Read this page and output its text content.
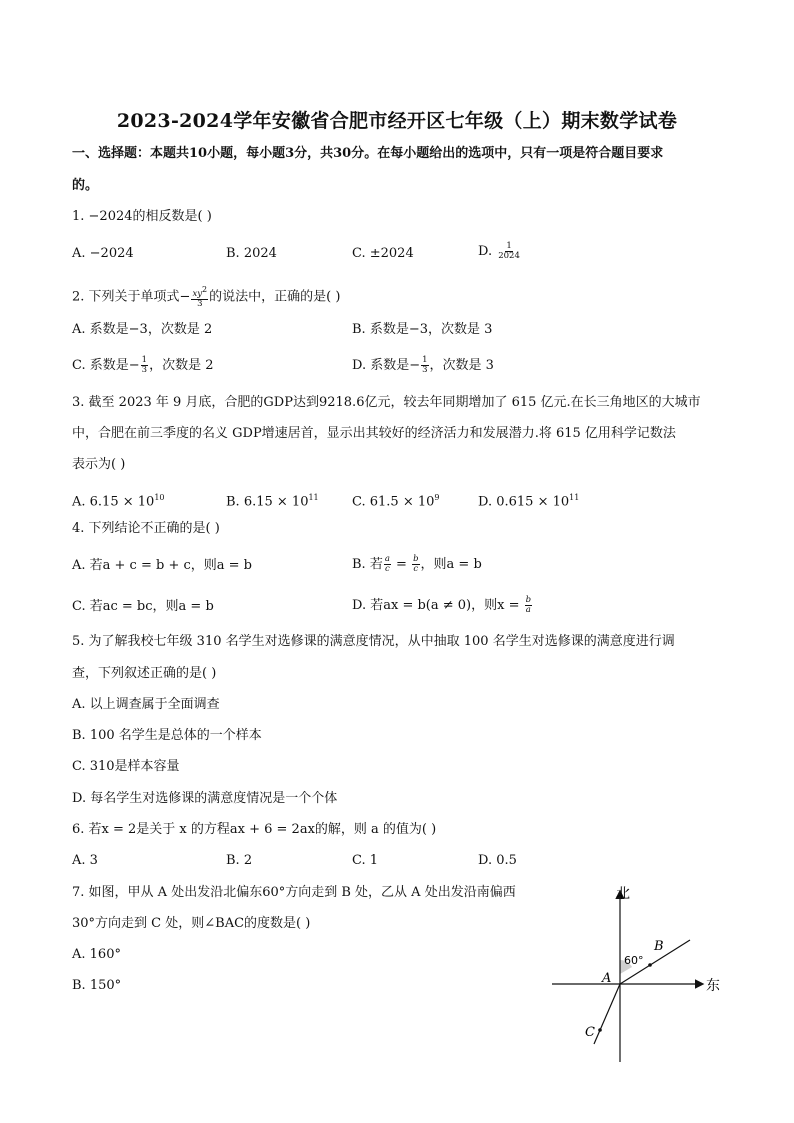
2023-2024学年安徽省合肥市经开区七年级（上）期末数学试卷
一、选择题：本题共10小题，每小题3分，共30分。在每小题给出的选项中，只有一项是符合题目要求
的。
1. −2024的相反数是( )
A. −2024	B. 2024	C. ±2024	D. $\frac{1}{2024}$
2. 下列关于单项式− $\frac{xy^2}{3}$ 的说法中，正确的是( )
A. 系数是−3，次数是 2	B. 系数是−3，次数是 3
C. 系数是− $\frac{1}{3}$ ，次数是 2	D. 系数是− $\frac{1}{3}$ ，次数是 3
3. 截至 2023 年 9 月底，合肥的GDP达到9218.6亿元，较去年同期增加了 615 亿元.在长三角地区的大城市
中，合肥在前三季度的名义 GDP增速居首，显示出其较好的经济活力和发展潜力.将 615 亿用科学记数法
表示为( )
A. $6.15 \times 10^{10}$	B. $6.15 \times 10^{11}$	C. $61.5 \times 10^9$	D. $0.615 \times 10^{11}$
4. 下列结论不正确的是( )
A. 若a + c = b + c，则a = b	B. 若 $\frac{a}{c} = \frac{b}{c}$ ，则a = b
C. 若ac = bc，则a = b	D. 若ax = b(a ≠ 0)，则$x = \frac{b}{a}$
5. 为了解我校七年级 310 名学生对选修课的满意度情况，从中抽取 100 名学生对选修课的满意度进行调
查，下列叙述正确的是( )
A. 以上调查属于全面调查
B. 100 名学生是总体的一个样本
C. 310是样本容量
D. 每名学生对选修课的满意度情况是一个个体
6. 若x = 2是关于 x 的方程ax + 6 = 2ax的解，则 a 的值为( )
A. 3	B. 2	C. 1	D. 0.5
7. 如图，甲从 A 处出发沿北偏东60°方向走到 B 处，乙从 A 处出发沿南偏西
30°方向走到 C 处，则∠BAC的度数是( )
A. 160°
B. 150°
北
东
A
B
C
60°
